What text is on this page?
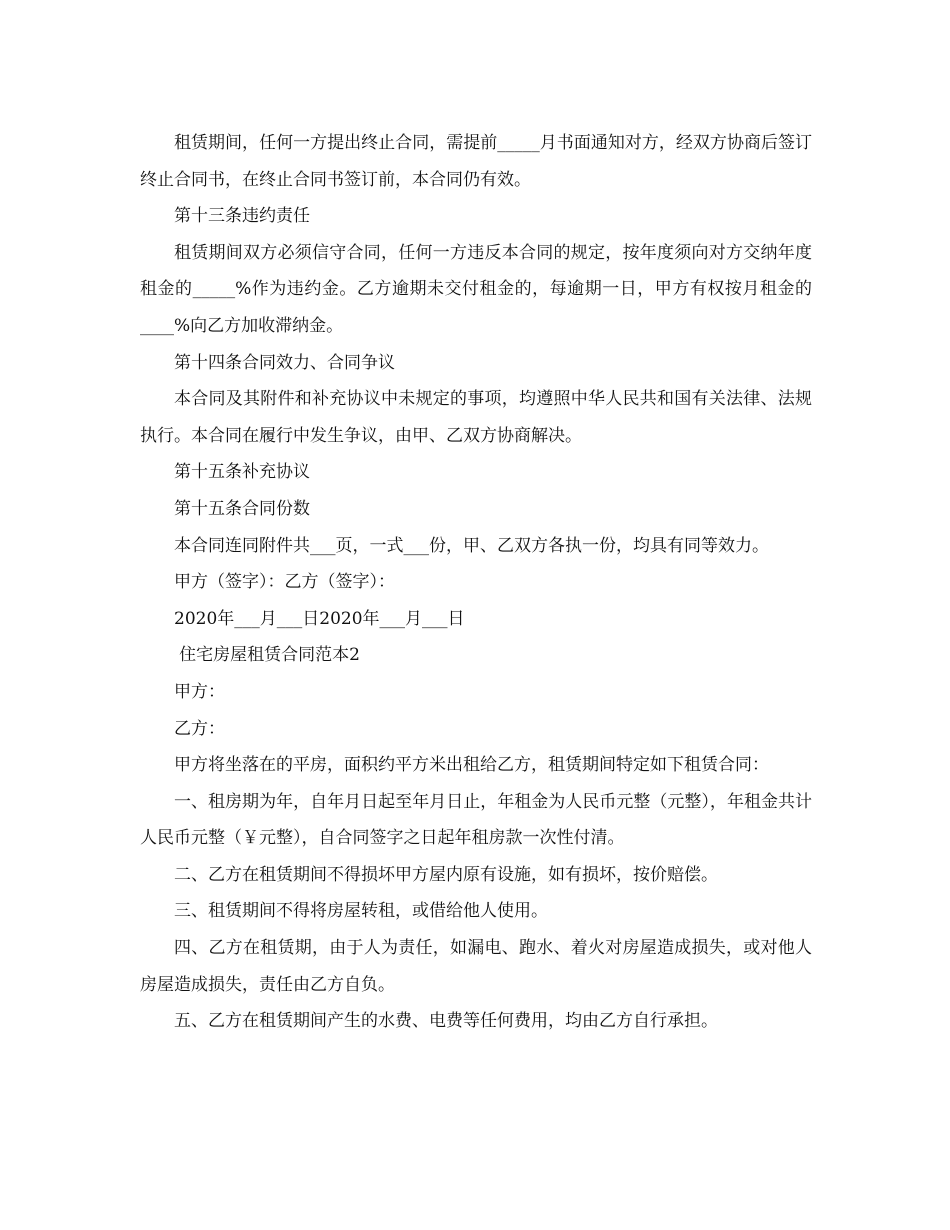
租赁期间，任何一方提出终止合同，需提前_____月书面通知对方，经双方协商后签订终止合同书，在终止合同书签订前，本合同仍有效。

第十三条违约责任

租赁期间双方必须信守合同，任何一方违反本合同的规定，按年度须向对方交纳年度租金的_____%作为违约金。乙方逾期未交付租金的，每逾期一日，甲方有权按月租金的____%向乙方加收滞纳金。

第十四条合同效力、合同争议

本合同及其附件和补充协议中未规定的事项，均遵照中华人民共和国有关法律、法规执行。本合同在履行中发生争议，由甲、乙双方协商解决。

第十五条补充协议

第十五条合同份数

本合同连同附件共___页，一式___份，甲、乙双方各执一份，均具有同等效力。

甲方（签字）：乙方（签字）：

2020年___月___日2020年___月___日

住宅房屋租赁合同范本2

甲方：

乙方：

甲方将坐落在的平房，面积约平方米出租给乙方，租赁期间特定如下租赁合同：

一、租房期为年，自年月日起至年月日止，年租金为人民币元整（元整），年租金共计人民币元整（￥元整），自合同签字之日起年租房款一次性付清。

二、乙方在租赁期间不得损坏甲方屋内原有设施，如有损坏，按价赔偿。

三、租赁期间不得将房屋转租，或借给他人使用。

四、乙方在租赁期，由于人为责任，如漏电、跑水、着火对房屋造成损失，或对他人房屋造成损失，责任由乙方自负。

五、乙方在租赁期间产生的水费、电费等任何费用，均由乙方自行承担。
